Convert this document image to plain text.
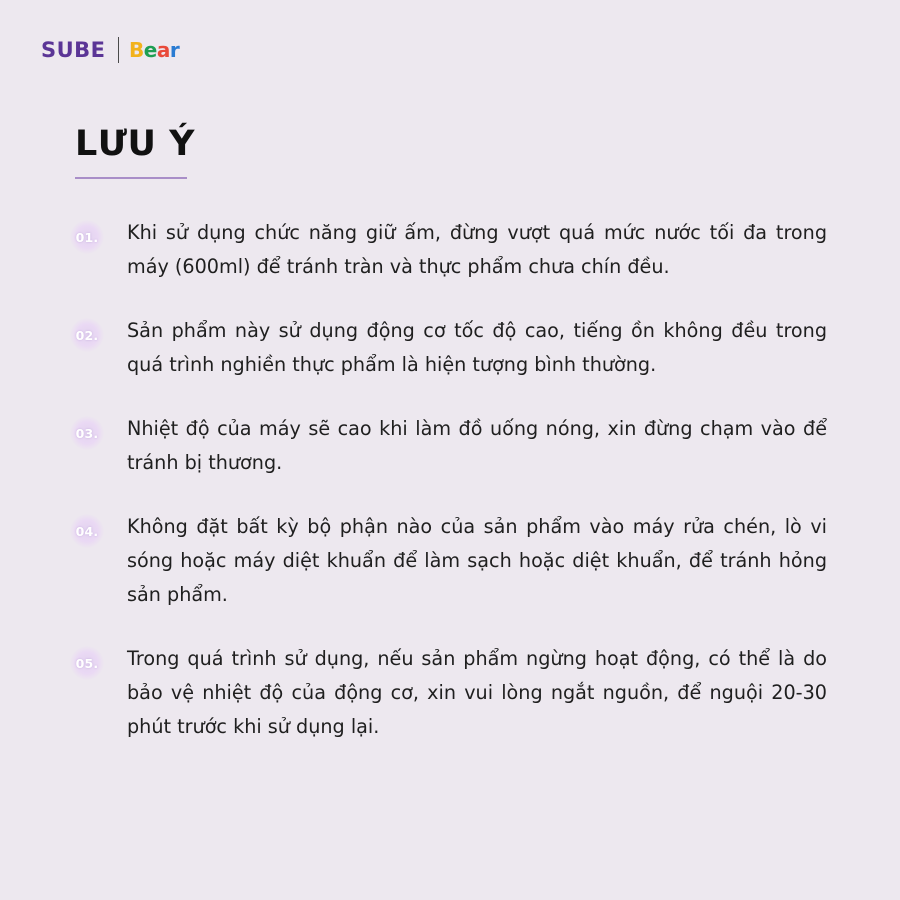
SUBE Bear
LƯU Ý
01. Khi sử dụng chức năng giữ ấm, đừng vượt quá mức nước tối đa trong máy (600ml) để tránh tràn và thực phẩm chưa chín đều.

02. Sản phẩm này sử dụng động cơ tốc độ cao, tiếng ồn không đều trong quá trình nghiền thực phẩm là hiện tượng bình thường.

03. Nhiệt độ của máy sẽ cao khi làm đồ uống nóng, xin đừng chạm vào để tránh bị thương.

04. Không đặt bất kỳ bộ phận nào của sản phẩm vào máy rửa chén, lò vi sóng hoặc máy diệt khuẩn để làm sạch hoặc diệt khuẩn, để tránh hỏng sản phẩm.

05. Trong quá trình sử dụng, nếu sản phẩm ngừng hoạt động, có thể là do bảo vệ nhiệt độ của động cơ, xin vui lòng ngắt nguồn, để nguội 20-30 phút trước khi sử dụng lại.
